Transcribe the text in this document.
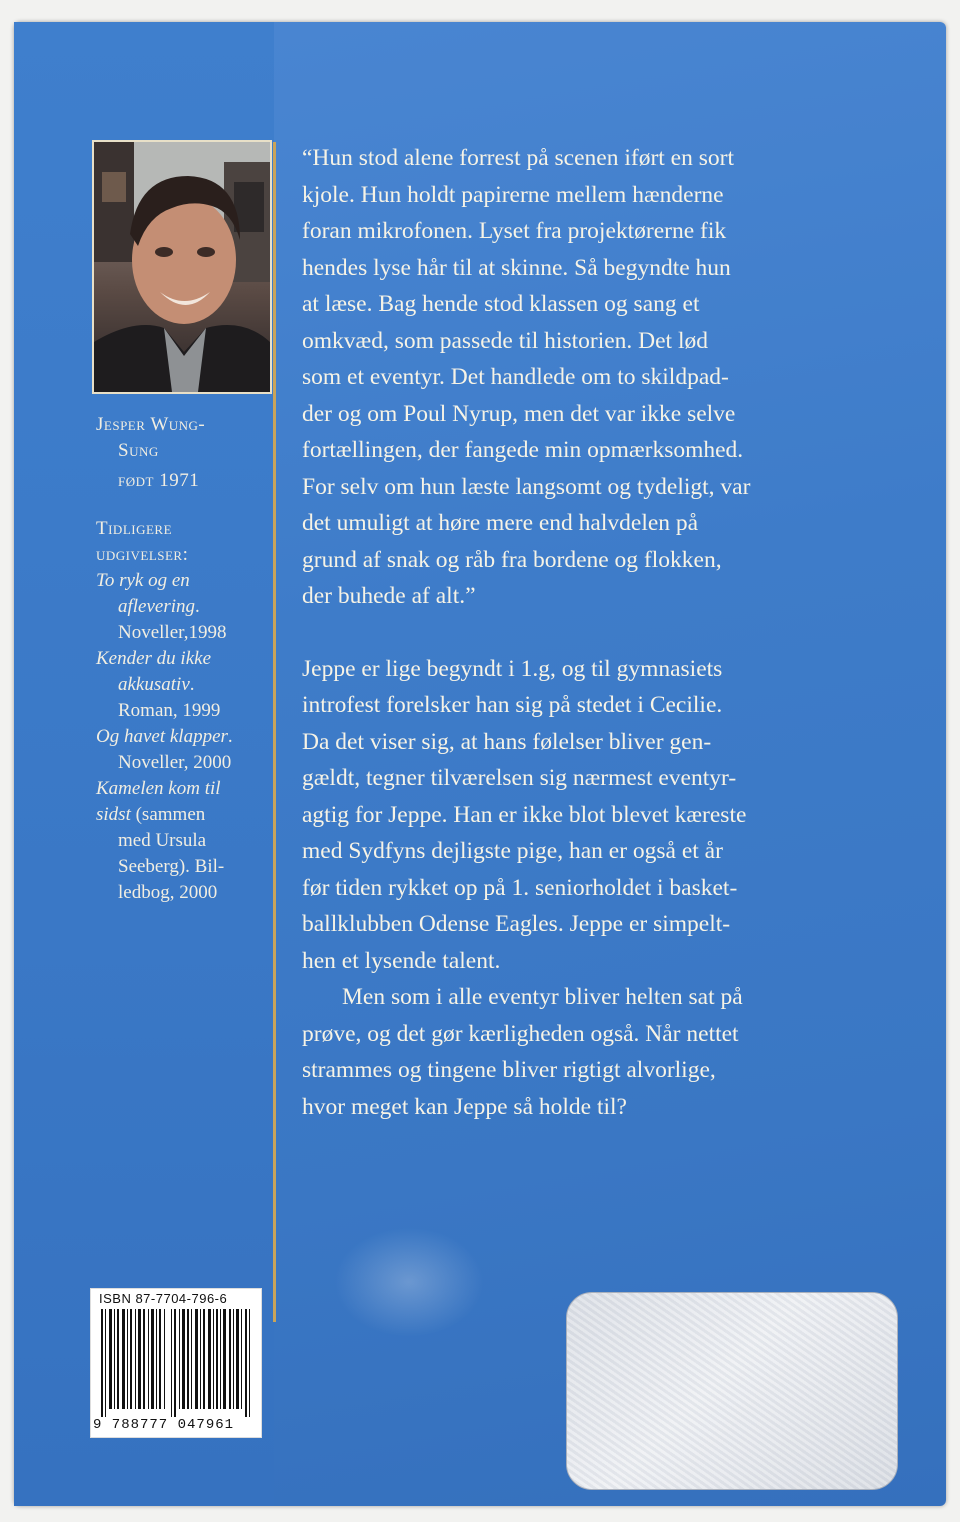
Jesper Wung-
Sung
født 1971
Tidligere
udgivelser:
To ryk og en
aflevering.
Noveller,1998
Kender du ikke
akkusativ.
Roman, 1999
Og havet klapper.
Noveller, 2000
Kamelen kom til
sidst (sammen
med Ursula
Seeberg). Bil-
ledbog, 2000

“Hun stod alene forrest på scenen iført en sort
kjole. Hun holdt papirerne mellem hænderne
foran mikrofonen. Lyset fra projektørerne fik
hendes lyse hår til at skinne. Så begyndte hun
at læse. Bag hende stod klassen og sang et
omkvæd, som passede til historien. Det lød
som et eventyr. Det handlede om to skildpad-
der og om Poul Nyrup, men det var ikke selve
fortællingen, der fangede min opmærksomhed.
For selv om hun læste langsomt og tydeligt, var
det umuligt at høre mere end halvdelen på
grund af snak og råb fra bordene og flokken,
der buhede af alt.”

Jeppe er lige begyndt i 1.g, og til gymnasiets
introfest forelsker han sig på stedet i Cecilie.
Da det viser sig, at hans følelser bliver gen-
gældt, tegner tilværelsen sig nærmest eventyr-
agtig for Jeppe. Han er ikke blot blevet kæreste
med Sydfyns dejligste pige, han er også et år
før tiden rykket op på 1. seniorholdet i basket-
ballklubben Odense Eagles. Jeppe er simpelt-
hen et lysende talent.

Men som i alle eventyr bliver helten sat på
prøve, og det gør kærligheden også. Når nettet
strammes og tingene bliver rigtigt alvorlige,
hvor meget kan Jeppe så holde til?

ISBN 87-7704-796-6
9 788777 047961
